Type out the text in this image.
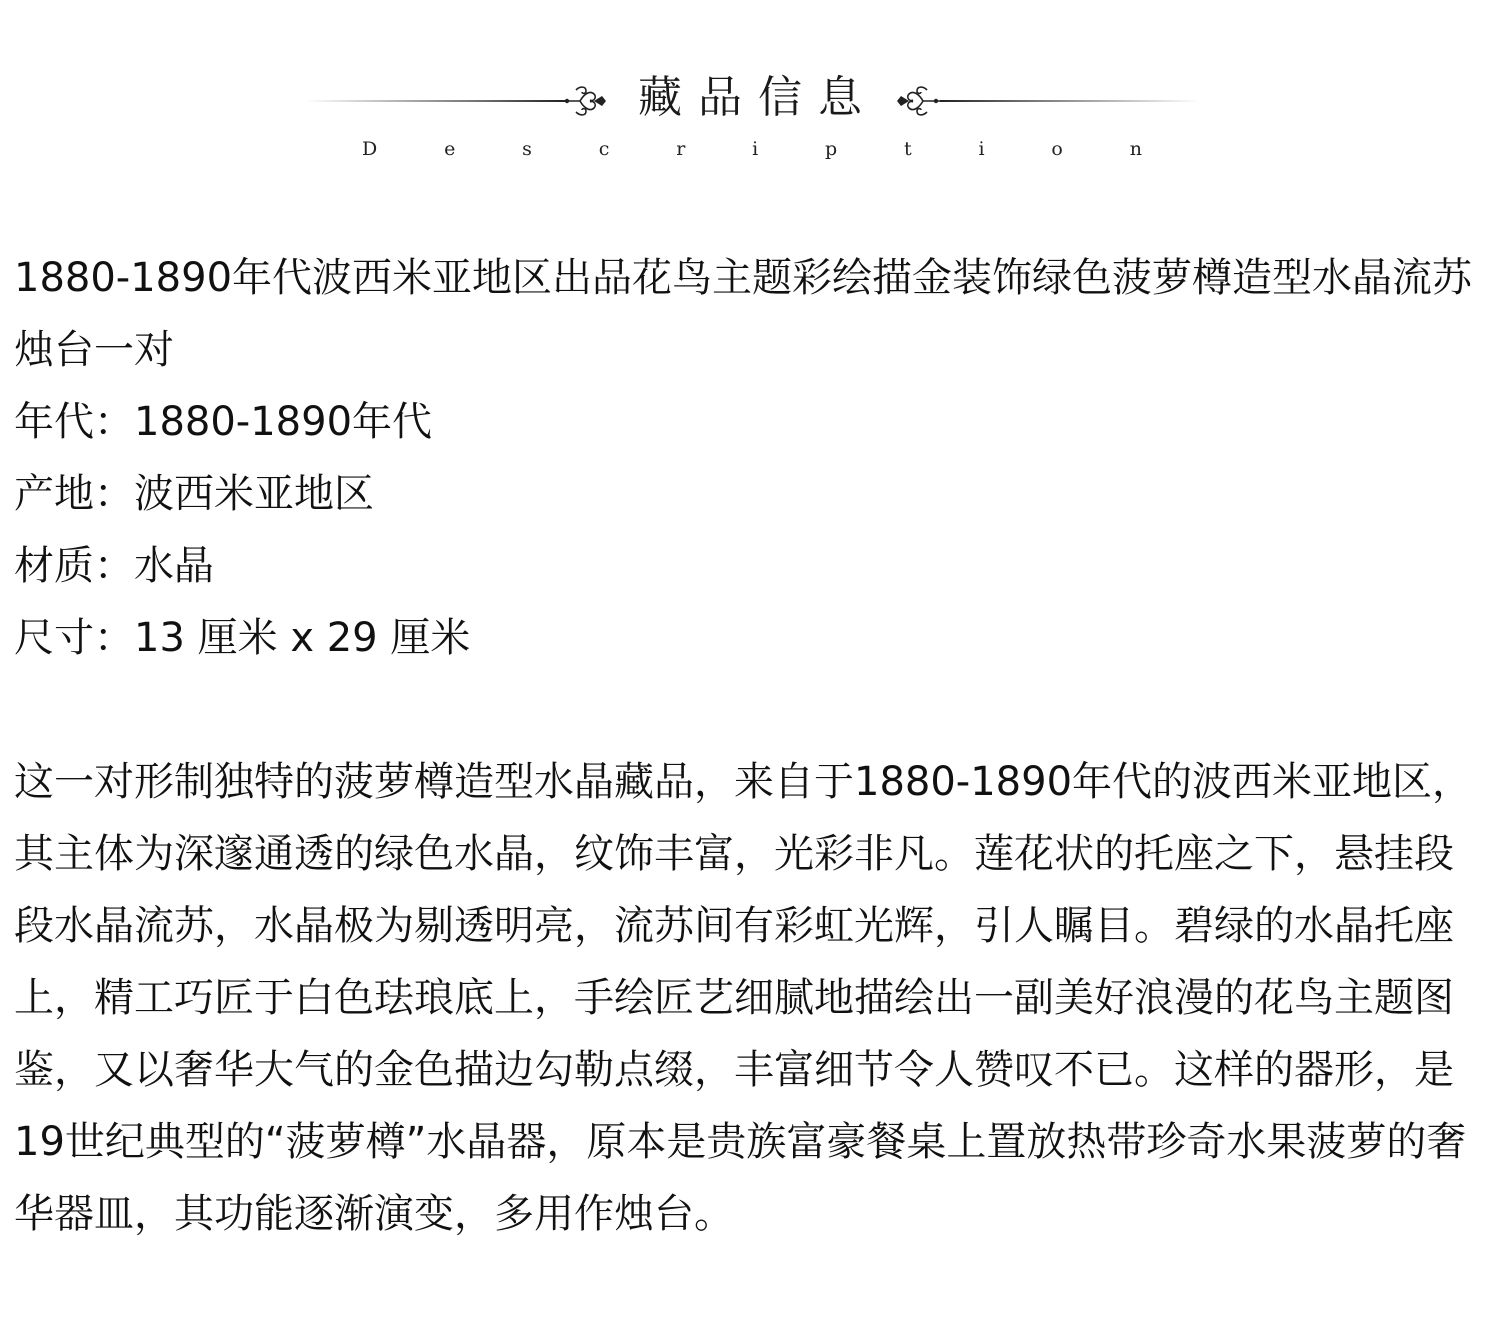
藏品信息
D	e	s	c	r	i	p	t	i	o	n

1880-1890年代波西米亚地区出品花鸟主题彩绘描金装饰绿色菠萝樽造型水晶流苏烛台一对

年代：1880-1890年代

产地：波西米亚地区

材质：水晶

尺寸：13 厘米 x 29 厘米

这一对形制独特的菠萝樽造型水晶藏品，来自于1880-1890年代的波西米亚地区，其主体为深邃通透的绿色水晶，纹饰丰富，光彩非凡。莲花状的托座之下，悬挂段段水晶流苏，水晶极为剔透明亮，流苏间有彩虹光辉，引人瞩目。碧绿的水晶托座上，精工巧匠于白色珐琅底上，手绘匠艺细腻地描绘出一副美好浪漫的花鸟主题图鉴，又以奢华大气的金色描边勾勒点缀，丰富细节令人赞叹不已。这样的器形，是19世纪典型的“菠萝樽”水晶器，原本是贵族富豪餐桌上置放热带珍奇水果菠萝的奢华器皿，其功能逐渐演变，多用作烛台。
